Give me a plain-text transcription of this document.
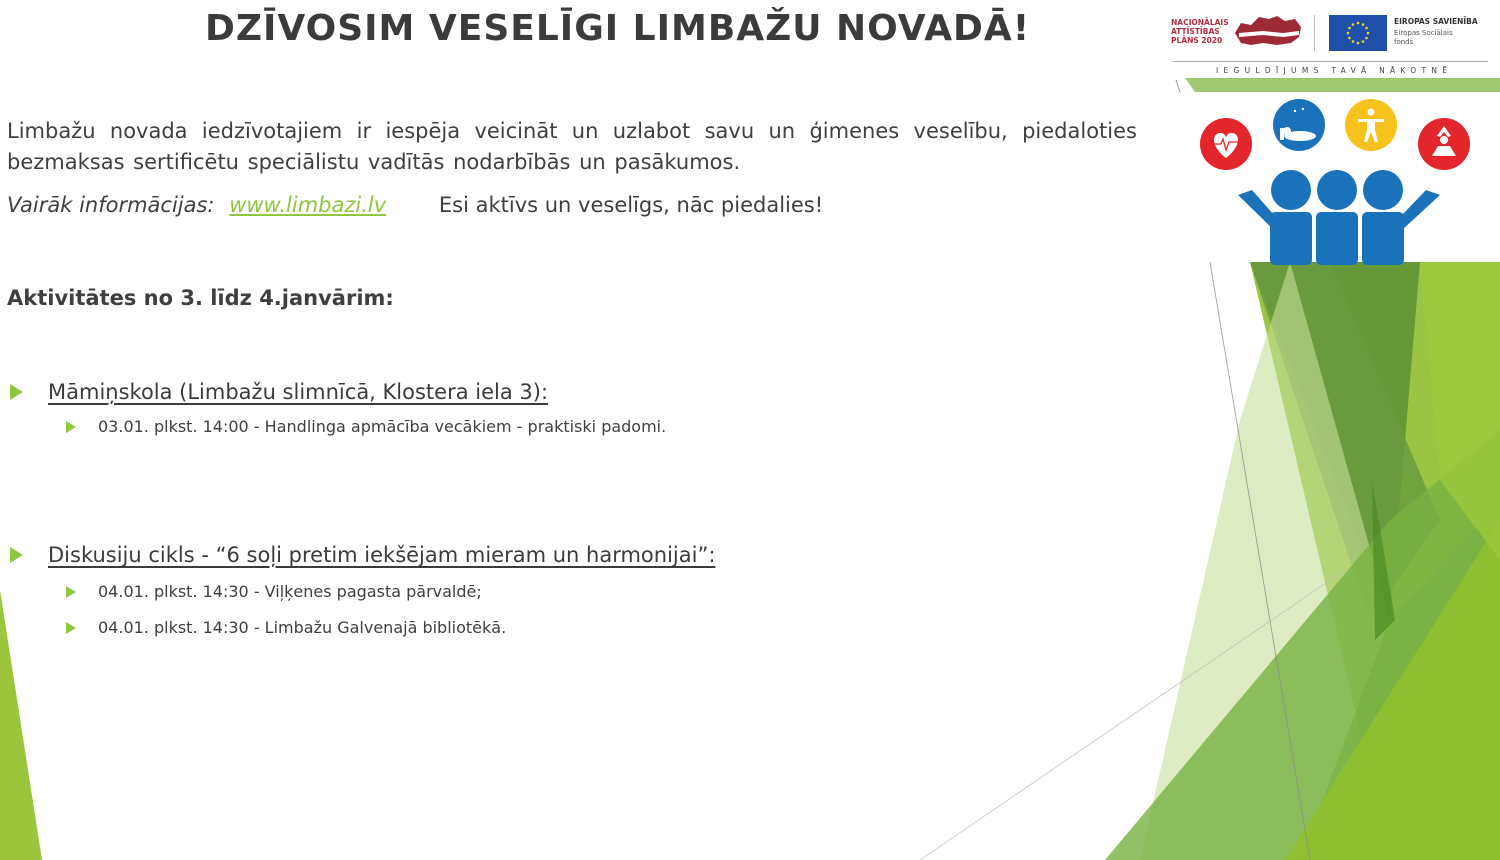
DZĪVOSIM VESELĪGI LIMBAŽU NOVADĀ!	NACIONĀLAIS
ATTĪSTĪBAS
PLĀNS 2020
EIROPAS SAVIENĪBA
Eiropas Sociālais
fonds
IEGULDĪJUMS TAVĀ NĀKOTNĒ
Limbažu novada iedzīvotajiem ir iespēja veicināt un uzlabot savu un ģimenes veselību, piedaloties bezmaksas sertificētu speciālistu vadītās nodarbībās un pasākumos.
Vairāk informācijas: www.limbazi.lv	Esi aktīvs un veselīgs, nāc piedalies!
Aktivitātes no 3. līdz 4.janvārim:
Māmiņskola (Limbažu slimnīcā, Klostera iela 3):
03.01. plkst. 14:00 - Handlinga apmācība vecākiem - praktiski padomi.
Diskusiju cikls - “6 soļi pretim iekšējam mieram un harmonijai”:
04.01. plkst. 14:30 - Viļķenes pagasta pārvaldē;
04.01. plkst. 14:30 - Limbažu Galvenajā bibliotēkā.
